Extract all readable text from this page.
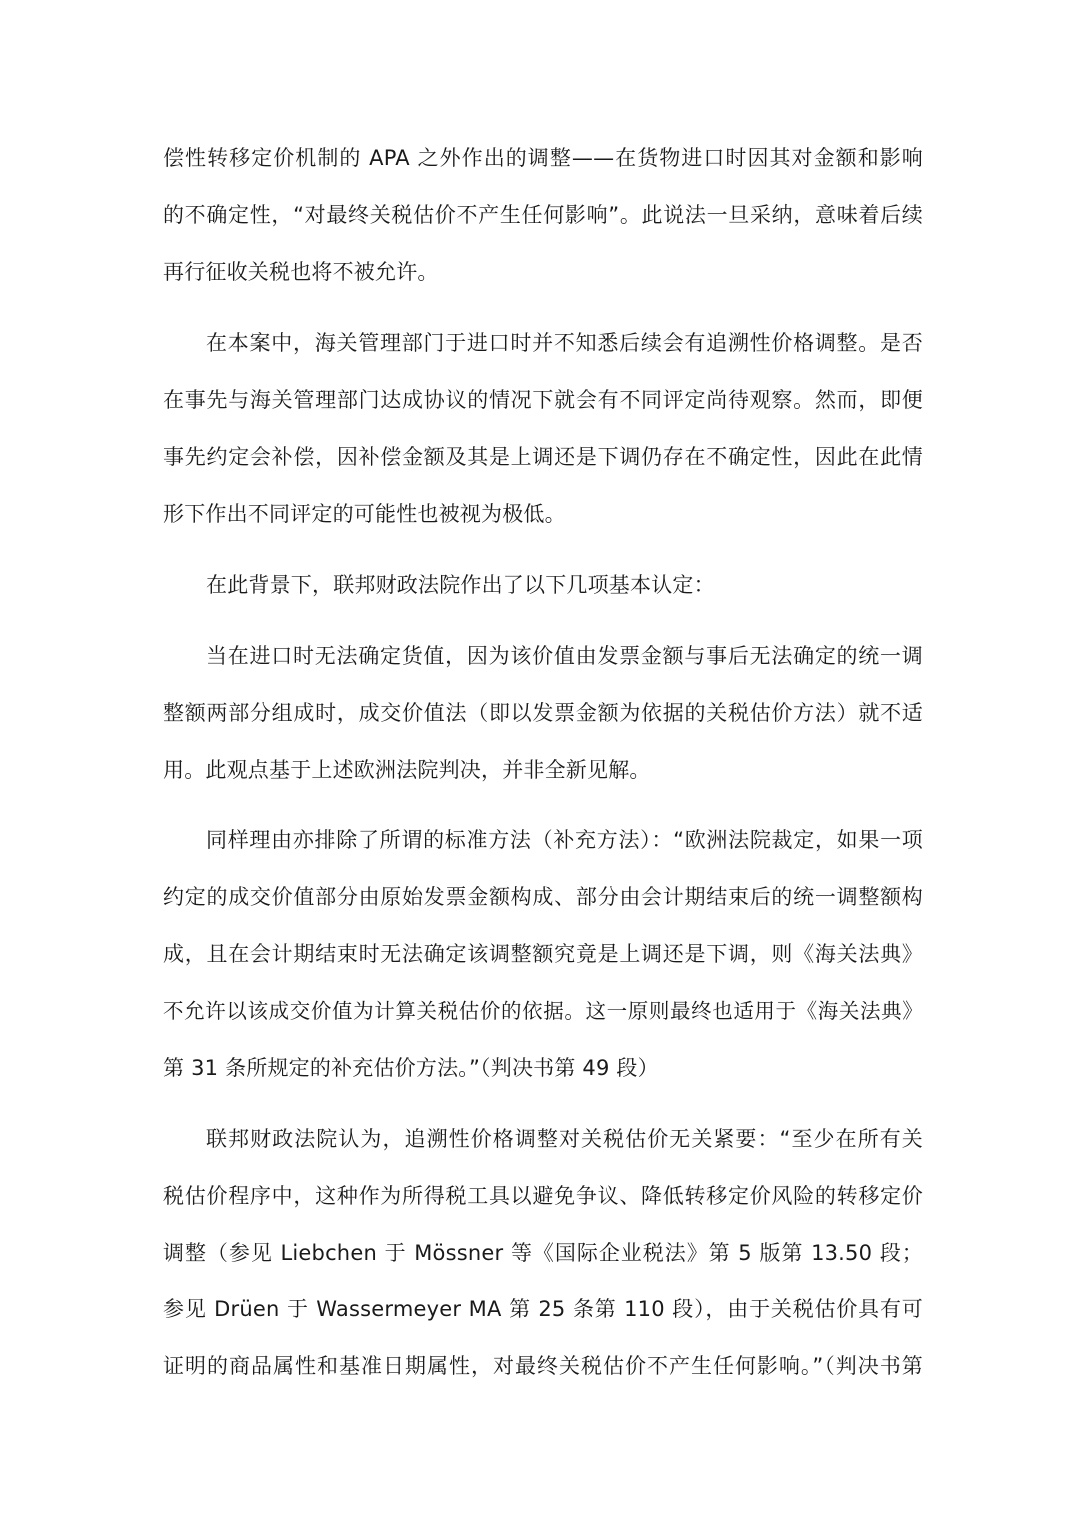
偿性转移定价机制的 APA 之外作出的调整——在货物进口时因其对金额和影响
的不确定性，“对最终关税估价不产生任何影响”。此说法一旦采纳，意味着后续
再行征收关税也将不被允许。
在本案中，海关管理部门于进口时并不知悉后续会有追溯性价格调整。是否
在事先与海关管理部门达成协议的情况下就会有不同评定尚待观察。然而，即便
事先约定会补偿，因补偿金额及其是上调还是下调仍存在不确定性，因此在此情
形下作出不同评定的可能性也被视为极低。
在此背景下，联邦财政法院作出了以下几项基本认定：
当在进口时无法确定货值，因为该价值由发票金额与事后无法确定的统一调
整额两部分组成时，成交价值法（即以发票金额为依据的关税估价方法）就不适
用。此观点基于上述欧洲法院判决，并非全新见解。
同样理由亦排除了所谓的标准方法（补充方法）：“欧洲法院裁定，如果一项
约定的成交价值部分由原始发票金额构成、部分由会计期结束后的统一调整额构
成，且在会计期结束时无法确定该调整额究竟是上调还是下调，则《海关法典》
不允许以该成交价值为计算关税估价的依据。这一原则最终也适用于《海关法典》
第 31 条所规定的补充估价方法。”（判决书第 49 段）
联邦财政法院认为，追溯性价格调整对关税估价无关紧要：“至少在所有关
税估价程序中，这种作为所得税工具以避免争议、降低转移定价风险的转移定价
调整（参见 Liebchen 于 Mössner 等《国际企业税法》第 5 版第 13.50 段；
参见 Drüen 于 Wassermeyer MA 第 25 条第 110 段），由于关税估价具有可
证明的商品属性和基准日期属性，对最终关税估价不产生任何影响。”（判决书第
